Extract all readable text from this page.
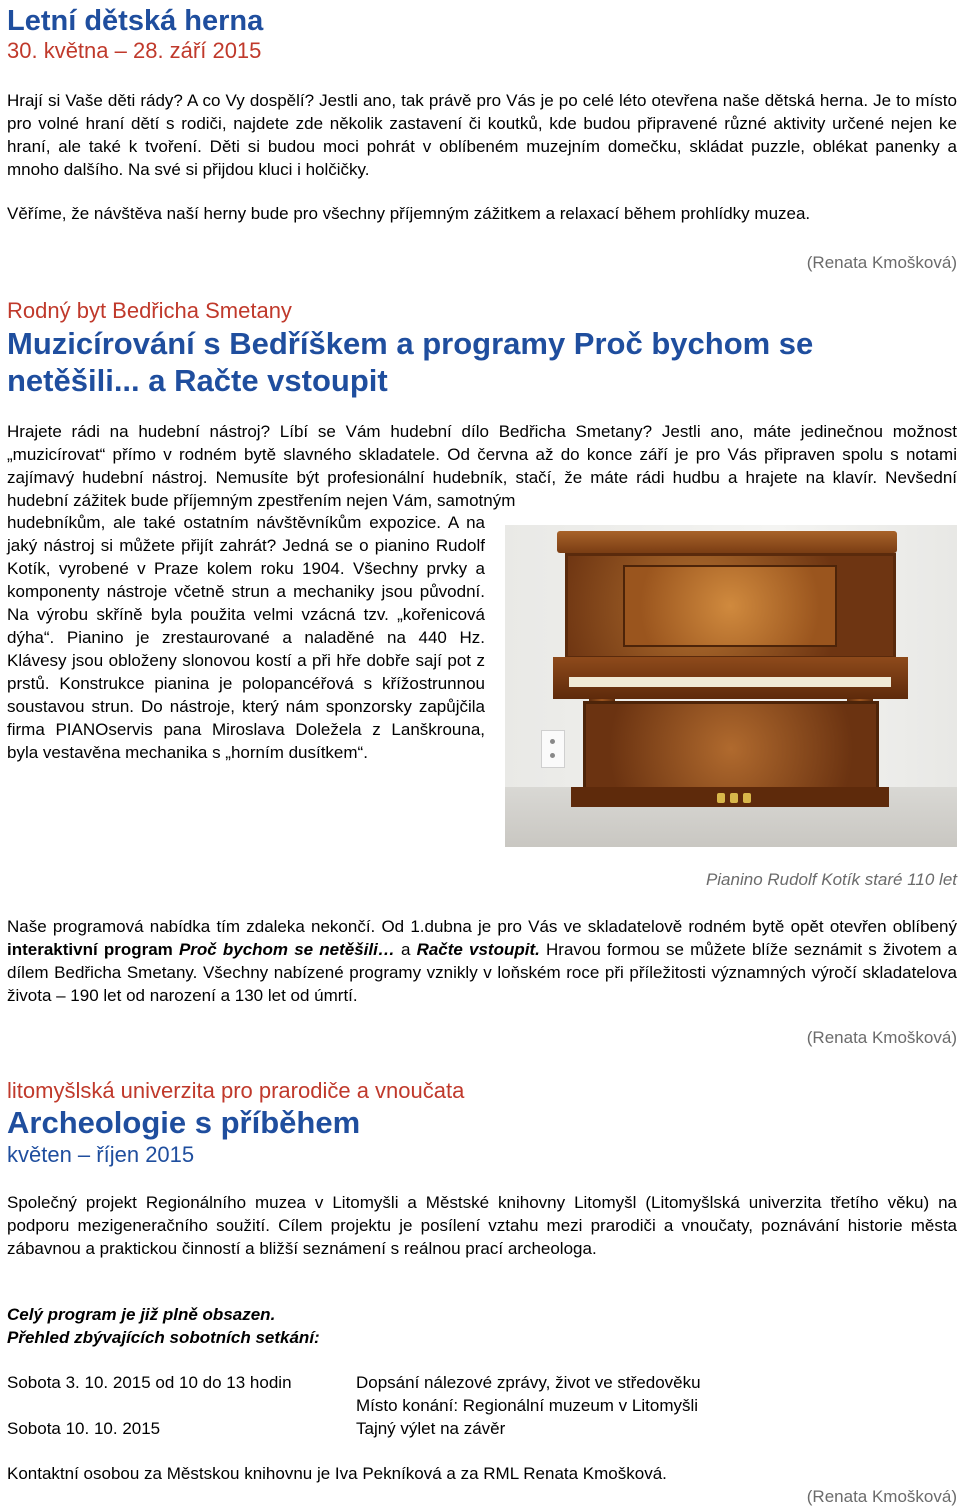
Letní dětská herna
30. května – 28. září 2015

Hrají si Vaše děti rády? A co Vy dospělí? Jestli ano, tak právě pro Vás je po celé léto otevřena naše dětská herna. Je to místo pro volné hraní dětí s rodiči, najdete zde několik zastavení či koutků, kde budou připravené různé aktivity určené nejen ke hraní, ale také k tvoření. Děti si budou moci pohrát v oblíbeném muzejním domečku, skládat puzzle, oblékat panenky a mnoho dalšího. Na své si přijdou kluci i holčičky.

Věříme, že návštěva naší herny bude pro všechny příjemným zážitkem a relaxací během prohlídky muzea.

(Renata Kmošková)
Rodný byt Bedřicha Smetany
Muzicírování s Bedříškem a programy Proč bychom se netěšili... a Račte vstoupit

Hrajete rádi na hudební nástroj? Líbí se Vám hudební dílo Bedřicha Smetany? Jestli ano, máte jedinečnou možnost „muzicírovat“ přímo v rodném bytě slavného skladatele. Od června až do konce září je pro Vás připraven spolu s notami zajímavý hudební nástroj. Nemusíte být profesionální hudebník, stačí, že máte rádi hudbu a hrajete na klavír. Nevšední hudební zážitek bude příjemným zpestřením nejen Vám, samotným

hudebníkům, ale také ostatním návštěvníkům expozice. A na jaký nástroj si můžete přijít zahrát? Jedná se o pianino Rudolf Kotík, vyrobené v Praze kolem roku 1904. Všechny prvky a komponenty nástroje včetně strun a mechaniky jsou původní. Na výrobu skříně byla použita velmi vzácná tzv. „kořenicová dýha“. Pianino je zrestaurované a naladěné na 440 Hz. Klávesy jsou obloženy slonovou kostí a při hře dobře sají pot z prstů. Konstrukce pianina je polopancéřová s křížostrunnou soustavou strun. Do nástroje, který nám sponzorsky zapůjčila firma PIANOservis pana Miroslava Doležela z Lanškrouna, byla vestavěna mechanika s „horním dusítkem“.

Pianino Rudolf Kotík staré 110 let

Naše programová nabídka tím zdaleka nekončí. Od 1.dubna je pro Vás ve skladatelově rodném bytě opět otevřen oblíbený interaktivní program Proč bychom se netěšili… a Račte vstoupit. Hravou formou se můžete blíže seznámit s životem a dílem Bedřicha Smetany. Všechny nabízené programy vznikly v loňském roce při příležitosti významných výročí skladatelova života – 190 let od narození a 130 let od úmrtí.

(Renata Kmošková)
litomyšlská univerzita pro prarodiče a vnoučata
Archeologie s příběhem
květen – říjen 2015

Společný projekt Regionálního muzea v Litomyšli a Městské knihovny Litomyšl (Litomyšlská univerzita třetího věku) na podporu mezigeneračního soužití. Cílem projektu je posílení vztahu mezi prarodiči a vnoučaty, poznávání historie města zábavnou a praktickou činností a bližší seznámení s reálnou prací archeologa.

Celý program je již plně obsazen.
Přehled zbývajících sobotních setkání:
Sobota 3. 10. 2015 od 10 do 13 hodin	Dopsání nálezové zprávy, život ve středověku
Místo konání: Regionální muzeum v Litomyšli
Sobota 10. 10. 2015	Tajný výlet na závěr
Kontaktní osobou za Městskou knihovnu je Iva Pekníková a za RML Renata Kmošková.
(Renata Kmošková)
